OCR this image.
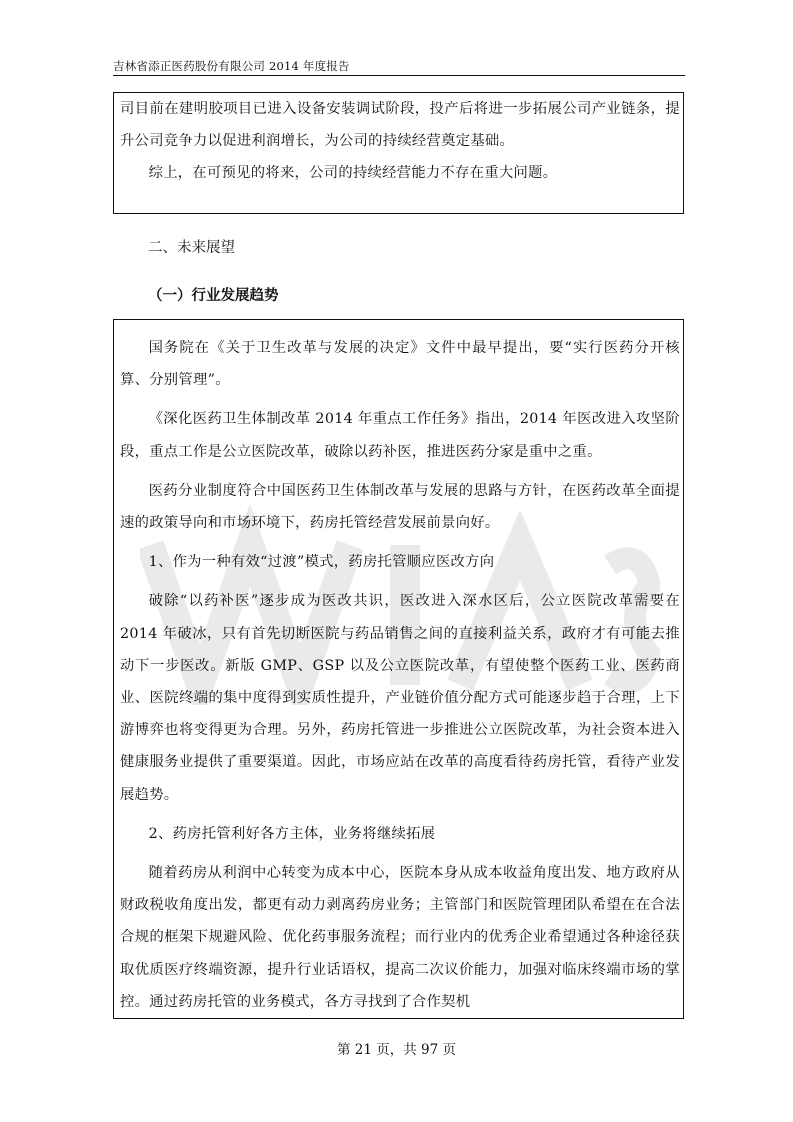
吉林省添正医药股份有限公司 2014 年度报告

司目前在建明胶项目已进入设备安装调试阶段，投产后将进一步拓展公司产业链条，提升公司竞争力以促进利润增长，为公司的持续经营奠定基础。

综上，在可预见的将来，公司的持续经营能力不存在重大问题。

二、未来展望
（一）行业发展趋势

国务院在《关于卫生改革与发展的决定》文件中最早提出，要“实行医药分开核算、分别管理”。

《深化医药卫生体制改革 2014 年重点工作任务》指出，2014 年医改进入攻坚阶段，重点工作是公立医院改革，破除以药补医，推进医药分家是重中之重。

医药分业制度符合中国医药卫生体制改革与发展的思路与方针，在医药改革全面提速的政策导向和市场环境下，药房托管经营发展前景向好。

1、作为一种有效“过渡”模式，药房托管顺应医改方向

破除“以药补医”逐步成为医改共识，医改进入深水区后，公立医院改革需要在 2014 年破冰，只有首先切断医院与药品销售之间的直接利益关系，政府才有可能去推动下一步医改。新版 GMP、GSP 以及公立医院改革，有望使整个医药工业、医药商业、医院终端的集中度得到实质性提升，产业链价值分配方式可能逐步趋于合理，上下游博弈也将变得更为合理。另外，药房托管进一步推进公立医院改革，为社会资本进入健康服务业提供了重要渠道。因此，市场应站在改革的高度看待药房托管，看待产业发展趋势。

2、药房托管利好各方主体，业务将继续拓展

随着药房从利润中心转变为成本中心，医院本身从成本收益角度出发、地方政府从财政税收角度出发，都更有动力剥离药房业务；主管部门和医院管理团队希望在在合法合规的框架下规避风险、优化药事服务流程；而行业内的优秀企业希望通过各种途径获取优质医疗终端资源，提升行业话语权，提高二次议价能力，加强对临床终端市场的掌控。通过药房托管的业务模式，各方寻找到了合作契机

第 21 页，共 97 页
